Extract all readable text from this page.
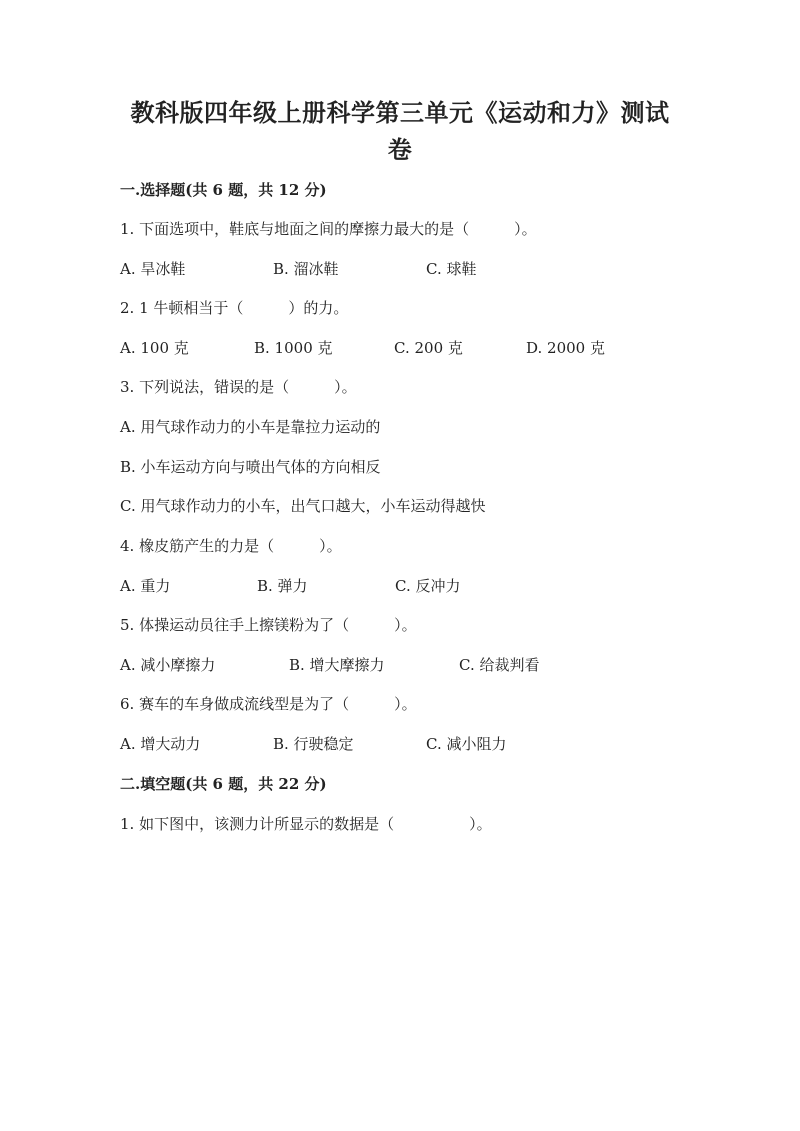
教科版四年级上册科学第三单元《运动和力》测试卷
一.选择题(共 6 题，共 12 分)
1. 下面选项中，鞋底与地面之间的摩擦力最大的是（　　　）。
A. 旱冰鞋	B. 溜冰鞋	C. 球鞋
2. 1 牛顿相当于（　　　）的力。
A. 100 克	B. 1000 克	C. 200 克	D. 2000 克
3. 下列说法，错误的是（　　　）。
A. 用气球作动力的小车是靠拉力运动的
B. 小车运动方向与喷出气体的方向相反
C. 用气球作动力的小车，出气口越大，小车运动得越快
4. 橡皮筋产生的力是（　　　）。
A. 重力	B. 弹力	C. 反冲力
5. 体操运动员往手上擦镁粉为了（　　　）。
A. 减小摩擦力	B. 增大摩擦力	C. 给裁判看
6. 赛车的车身做成流线型是为了（　　　）。
A. 增大动力	B. 行驶稳定	C. 减小阻力
二.填空题(共 6 题，共 22 分)
1. 如下图中，该测力计所显示的数据是（　　　　　）。
